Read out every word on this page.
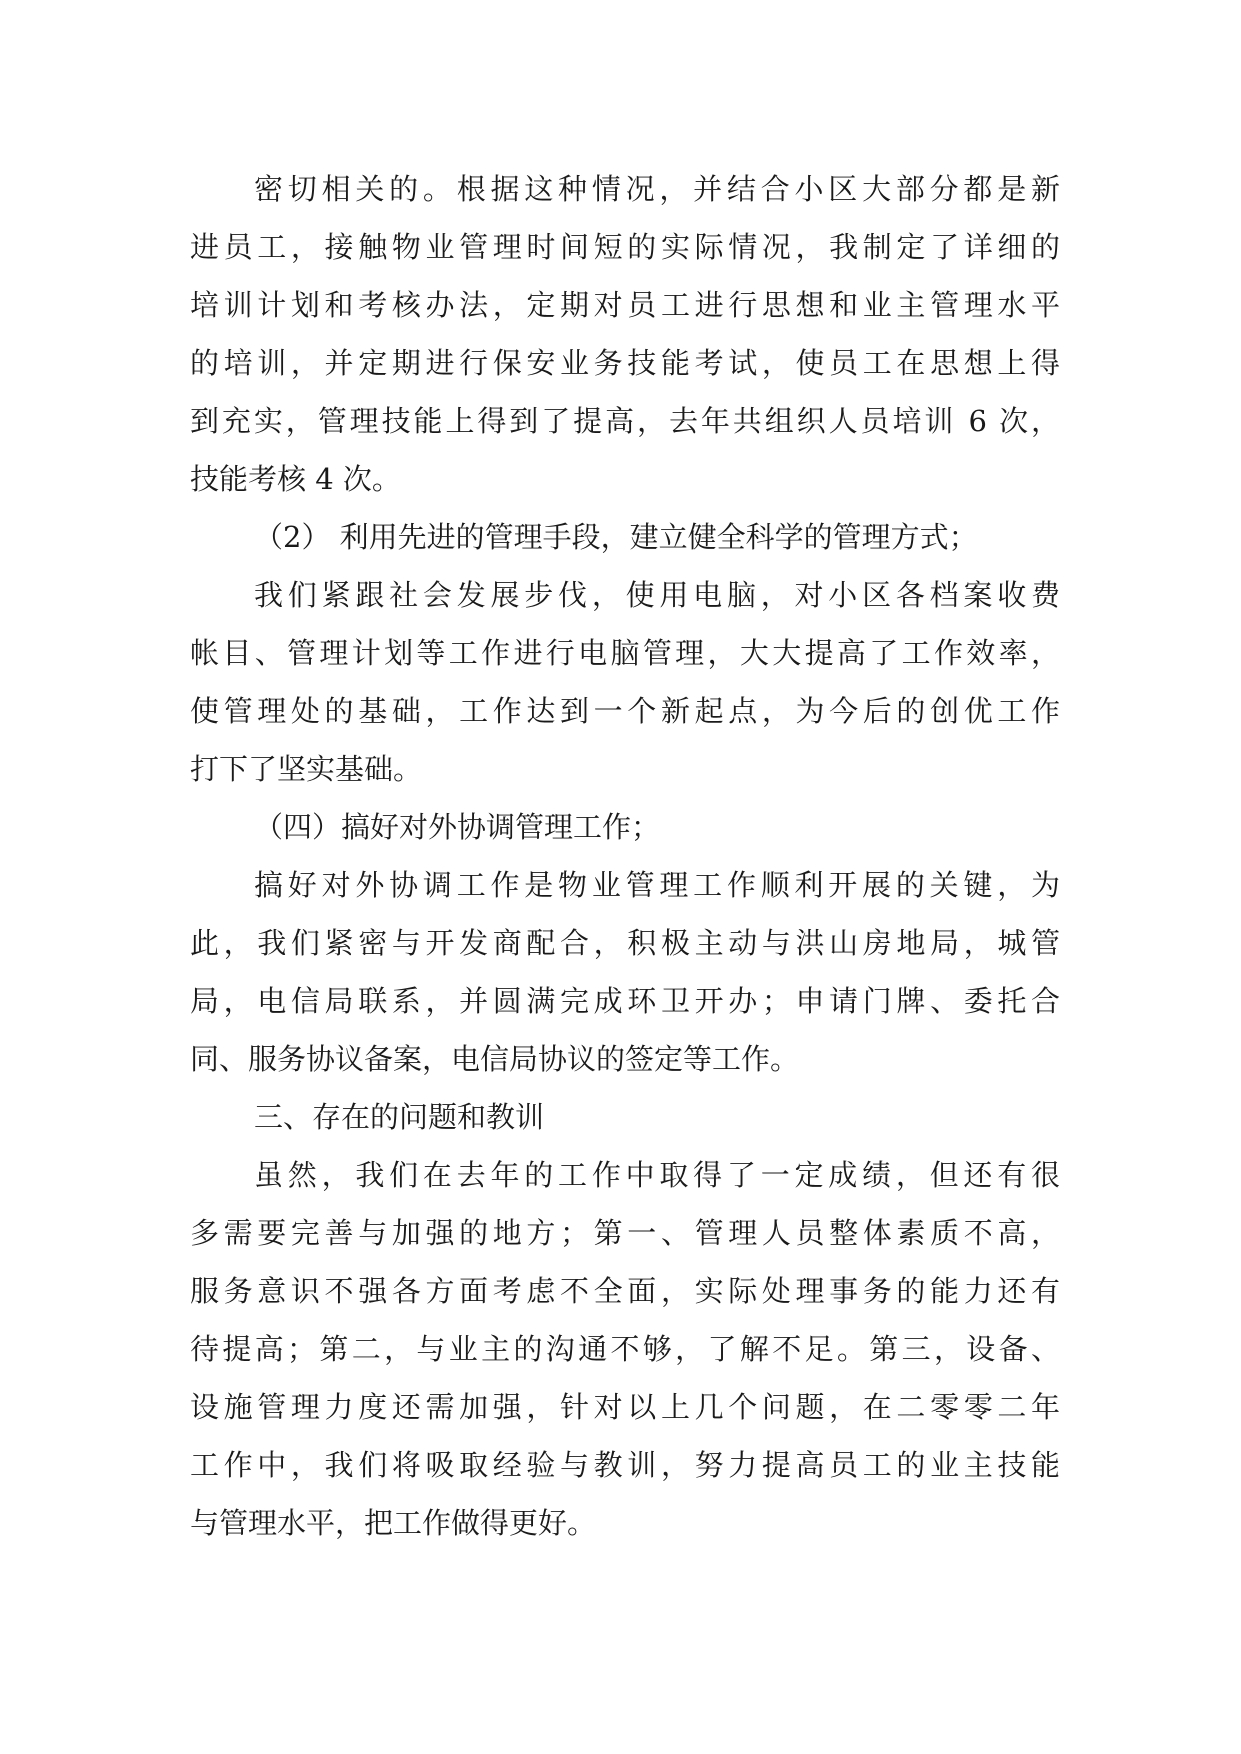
密切相关的。根据这种情况，并结合小区大部分都是新
进员工，接触物业管理时间短的实际情况，我制定了详细的
培训计划和考核办法，定期对员工进行思想和业主管理水平
的培训，并定期进行保安业务技能考试，使员工在思想上得
到充实，管理技能上得到了提高，去年共组织人员培训 6 次，
技能考核 4 次。
（2） 利用先进的管理手段，建立健全科学的管理方式；
我们紧跟社会发展步伐，使用电脑，对小区各档案收费
帐目、管理计划等工作进行电脑管理，大大提高了工作效率，
使管理处的基础，工作达到一个新起点，为今后的创优工作
打下了坚实基础。
（四）搞好对外协调管理工作；
搞好对外协调工作是物业管理工作顺利开展的关键，为
此，我们紧密与开发商配合，积极主动与洪山房地局，城管
局，电信局联系，并圆满完成环卫开办；申请门牌、委托合
同、服务协议备案，电信局协议的签定等工作。
三、存在的问题和教训
虽然，我们在去年的工作中取得了一定成绩，但还有很
多需要完善与加强的地方；第一、管理人员整体素质不高，
服务意识不强各方面考虑不全面，实际处理事务的能力还有
待提高；第二，与业主的沟通不够，了解不足。第三，设备、
设施管理力度还需加强，针对以上几个问题，在二零零二年
工作中，我们将吸取经验与教训，努力提高员工的业主技能
与管理水平，把工作做得更好。
